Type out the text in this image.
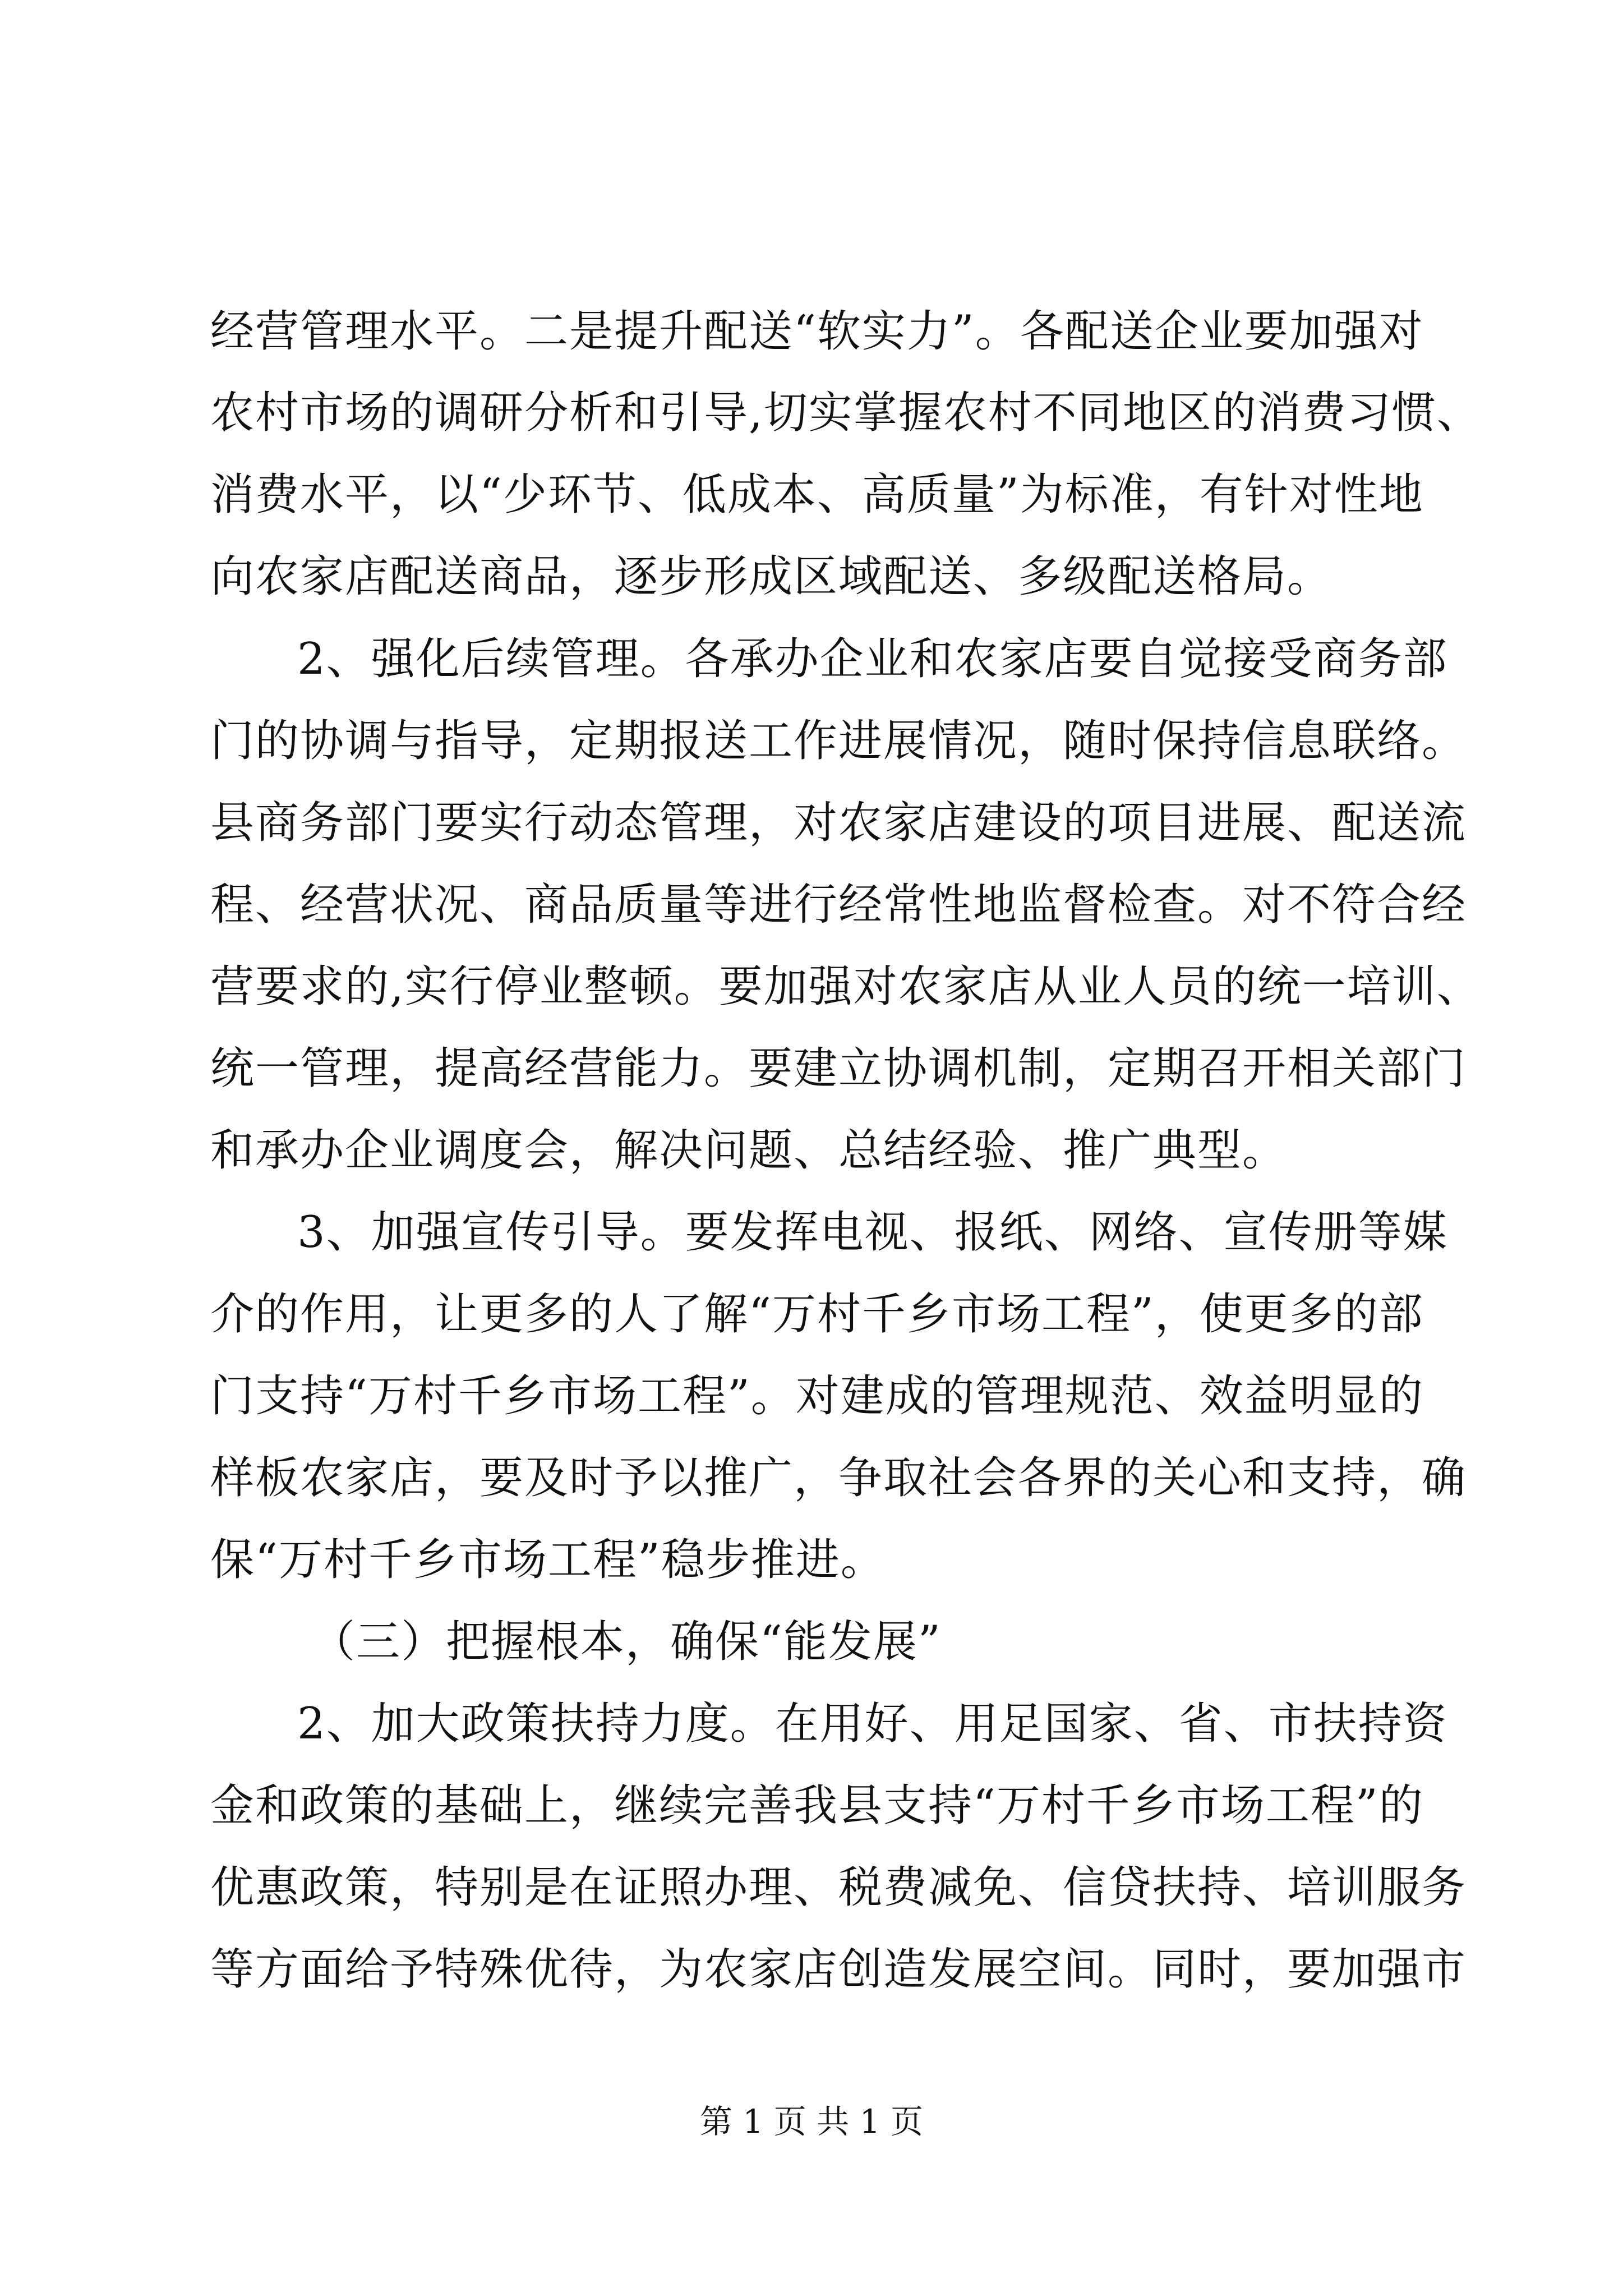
经营管理水平。二是提升配送“软实力”。各配送企业要加强对
农村市场的调研分析和引导,切实掌握农村不同地区的消费习惯、
消费水平，以“少环节、低成本、高质量”为标准，有针对性地
向农家店配送商品，逐步形成区域配送、多级配送格局。
2、强化后续管理。各承办企业和农家店要自觉接受商务部
门的协调与指导，定期报送工作进展情况，随时保持信息联络。
县商务部门要实行动态管理，对农家店建设的项目进展、配送流
程、经营状况、商品质量等进行经常性地监督检查。对不符合经
营要求的,实行停业整顿。要加强对农家店从业人员的统一培训、
统一管理，提高经营能力。要建立协调机制，定期召开相关部门
和承办企业调度会，解决问题、总结经验、推广典型。
3、加强宣传引导。要发挥电视、报纸、网络、宣传册等媒
介的作用，让更多的人了解“万村千乡市场工程”，使更多的部
门支持“万村千乡市场工程”。对建成的管理规范、效益明显的
样板农家店，要及时予以推广，争取社会各界的关心和支持，确
保“万村千乡市场工程”稳步推进。
（三）把握根本，确保“能发展”
2、加大政策扶持力度。在用好、用足国家、省、市扶持资
金和政策的基础上，继续完善我县支持“万村千乡市场工程”的
优惠政策，特别是在证照办理、税费减免、信贷扶持、培训服务
等方面给予特殊优待，为农家店创造发展空间。同时，要加强市
第 1 页 共 1 页
